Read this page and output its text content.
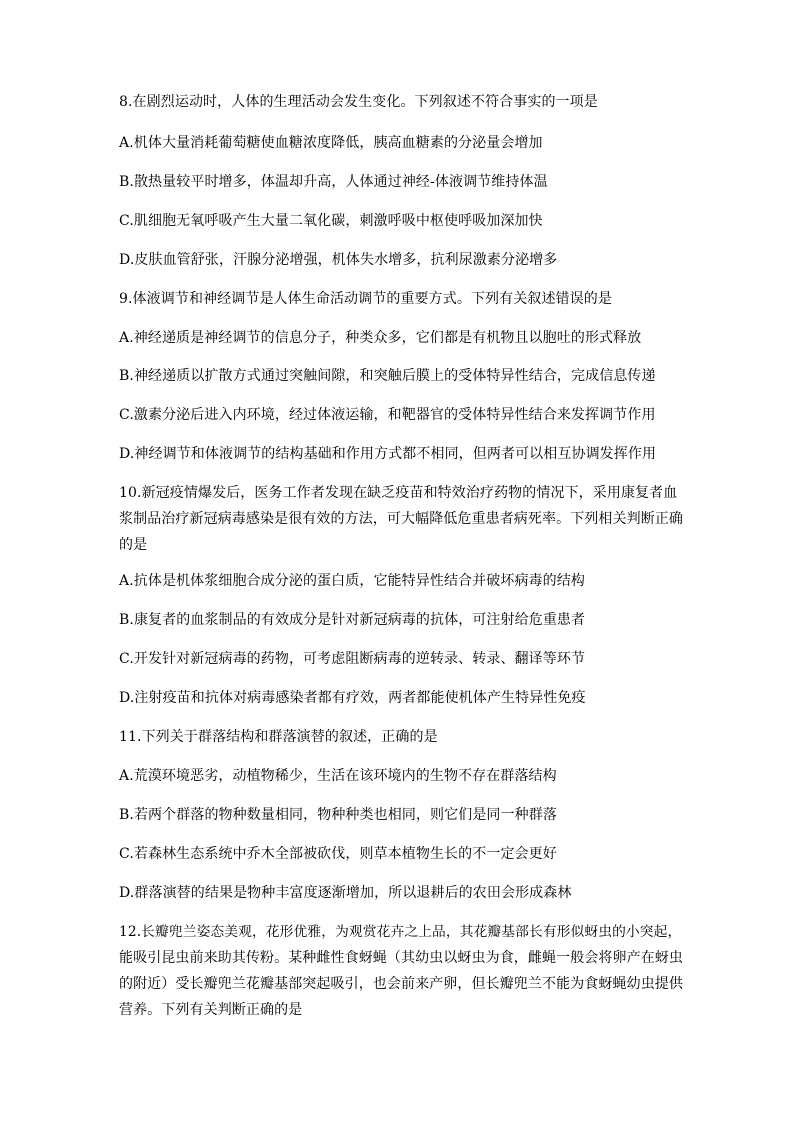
8.在剧烈运动时，人体的生理活动会发生变化。下列叙述不符合事实的一项是
A.机体大量消耗葡萄糖使血糖浓度降低，胰高血糖素的分泌量会增加
B.散热量较平时增多，体温却升高，人体通过神经-体液调节维持体温
C.肌细胞无氧呼吸产生大量二氧化碳，刺激呼吸中枢使呼吸加深加快
D.皮肤血管舒张，汗腺分泌增强，机体失水增多，抗利尿激素分泌增多
9.体液调节和神经调节是人体生命活动调节的重要方式。下列有关叙述错误的是
A.神经递质是神经调节的信息分子，种类众多，它们都是有机物且以胞吐的形式释放
B.神经递质以扩散方式通过突触间隙，和突触后膜上的受体特异性结合，完成信息传递
C.激素分泌后进入内环境，经过体液运输，和靶器官的受体特异性结合来发挥调节作用
D.神经调节和体液调节的结构基础和作用方式都不相同，但两者可以相互协调发挥作用
10.新冠疫情爆发后，医务工作者发现在缺乏疫苗和特效治疗药物的情况下，采用康复者血
浆制品治疗新冠病毒感染是很有效的方法，可大幅降低危重患者病死率。下列相关判断正确
的是
A.抗体是机体浆细胞合成分泌的蛋白质，它能特异性结合并破坏病毒的结构
B.康复者的血浆制品的有效成分是针对新冠病毒的抗体，可注射给危重患者
C.开发针对新冠病毒的药物，可考虑阻断病毒的逆转录、转录、翻译等环节
D.注射疫苗和抗体对病毒感染者都有疗效，两者都能使机体产生特异性免疫
11.下列关于群落结构和群落演替的叙述，正确的是
A.荒漠环境恶劣，动植物稀少，生活在该环境内的生物不存在群落结构
B.若两个群落的物种数量相同，物种种类也相同，则它们是同一种群落
C.若森林生态系统中乔木全部被砍伐，则草本植物生长的不一定会更好
D.群落演替的结果是物种丰富度逐渐增加，所以退耕后的农田会形成森林
12.长瓣兜兰姿态美观，花形优雅，为观赏花卉之上品，其花瓣基部长有形似蚜虫的小突起，
能吸引昆虫前来助其传粉。某种雌性食蚜蝇（其幼虫以蚜虫为食，雌蝇一般会将卵产在蚜虫
的附近）受长瓣兜兰花瓣基部突起吸引，也会前来产卵，但长瓣兜兰不能为食蚜蝇幼虫提供
营养。下列有关判断正确的是
